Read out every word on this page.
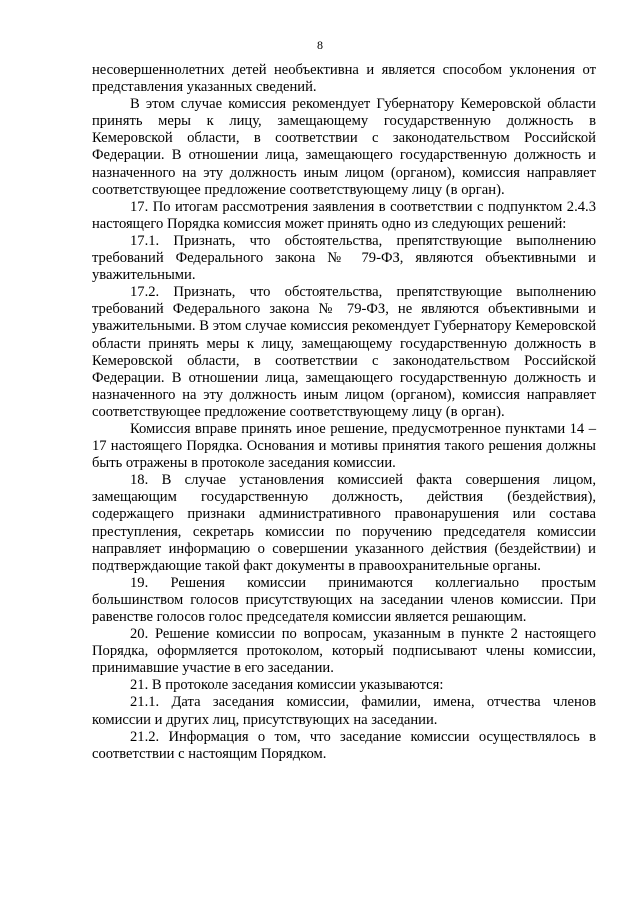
8

несовершеннолетних детей необъективна и является способом уклонения от представления указанных сведений.

В этом случае комиссия рекомендует Губернатору Кемеровской области принять меры к лицу, замещающему государственную должность в Кемеровской области, в соответствии с законодательством Российской Федерации. В отношении лица, замещающего государственную должность и назначенного на эту должность иным лицом (органом), комиссия направляет соответствующее предложение соответствующему лицу (в орган).

17. По итогам рассмотрения заявления в соответствии с подпунктом 2.4.3 настоящего Порядка комиссия может принять одно из следующих решений:

17.1. Признать, что обстоятельства, препятствующие выполнению требований Федерального закона № 79-ФЗ, являются объективными и уважительными.

17.2. Признать, что обстоятельства, препятствующие выполнению требований Федерального закона № 79-ФЗ, не являются объективными и уважительными. В этом случае комиссия рекомендует Губернатору Кемеровской области принять меры к лицу, замещающему государственную должность в Кемеровской области, в соответствии с законодательством Российской Федерации. В отношении лица, замещающего государственную должность и назначенного на эту должность иным лицом (органом), комиссия направляет соответствующее предложение соответствующему лицу (в орган).

Комиссия вправе принять иное решение, предусмотренное пунктами 14 – 17 настоящего Порядка. Основания и мотивы принятия такого решения должны быть отражены в протоколе заседания комиссии.

18. В случае установления комиссией факта совершения лицом, замещающим государственную должность, действия (бездействия), содержащего признаки административного правонарушения или состава преступления, секретарь комиссии по поручению председателя комиссии направляет информацию о совершении указанного действия (бездействии) и подтверждающие такой факт документы в правоохранительные органы.

19. Решения комиссии принимаются коллегиально простым большинством голосов присутствующих на заседании членов комиссии. При равенстве голосов голос председателя комиссии является решающим.

20. Решение комиссии по вопросам, указанным в пункте 2 настоящего Порядка, оформляется протоколом, который подписывают члены комиссии, принимавшие участие в его заседании.

21. В протоколе заседания комиссии указываются:

21.1. Дата заседания комиссии, фамилии, имена, отчества членов комиссии и других лиц, присутствующих на заседании.

21.2. Информация о том, что заседание комиссии осуществлялось в соответствии с настоящим Порядком.
